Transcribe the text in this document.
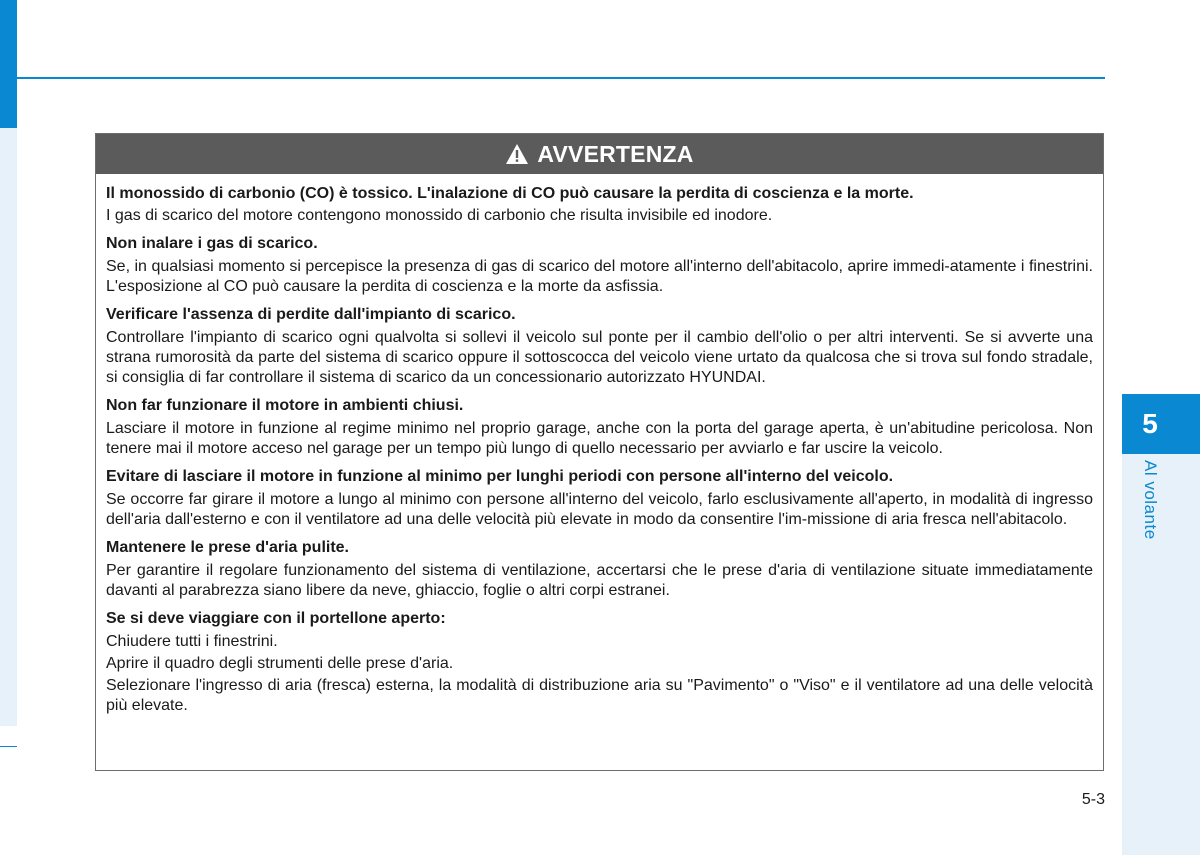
AVVERTENZA

Il monossido di carbonio (CO) è tossico. L'inalazione di CO può causare la perdita di coscienza e la morte.

I gas di scarico del motore contengono monossido di carbonio che risulta invisibile ed inodore.

Non inalare i gas di scarico.

Se, in qualsiasi momento si percepisce la presenza di gas di scarico del motore all'interno dell'abitacolo, aprire immedi-atamente i finestrini. L'esposizione al CO può causare la perdita di coscienza e la morte da asfissia.

Verificare l'assenza di perdite dall'impianto di scarico.

Controllare l'impianto di scarico ogni qualvolta si sollevi il veicolo sul ponte per il cambio dell'olio o per altri interventi. Se si avverte una strana rumorosità da parte del sistema di scarico oppure il sottoscocca del veicolo viene urtato da qualcosa che si trova sul fondo stradale, si consiglia di far controllare il sistema di scarico da un concessionario autorizzato HYUNDAI.

Non far funzionare il motore in ambienti chiusi.

Lasciare il motore in funzione al regime minimo nel proprio garage, anche con la porta del garage aperta, è un'abitudine pericolosa. Non tenere mai il motore acceso nel garage per un tempo più lungo di quello necessario per avviarlo e far uscire la veicolo.

Evitare di lasciare il motore in funzione al minimo per lunghi periodi con persone all'interno del veicolo.

Se occorre far girare il motore a lungo al minimo con persone all'interno del veicolo, farlo esclusivamente all'aperto, in modalità di ingresso dell'aria dall'esterno e con il ventilatore ad una delle velocità più elevate in modo da consentire l'im-missione di aria fresca nell'abitacolo.

Mantenere le prese d'aria pulite.

Per garantire il regolare funzionamento del sistema di ventilazione, accertarsi che le prese d'aria di ventilazione situate immediatamente davanti al parabrezza siano libere da neve, ghiaccio, foglie o altri corpi estranei.

Se si deve viaggiare con il portellone aperto:

Chiudere tutti i finestrini.

Aprire il quadro degli strumenti delle prese d'aria.

Selezionare l'ingresso di aria (fresca) esterna, la modalità di distribuzione aria su "Pavimento" o "Viso" e il ventilatore ad una delle velocità più elevate.

5
Al volante
5-3
